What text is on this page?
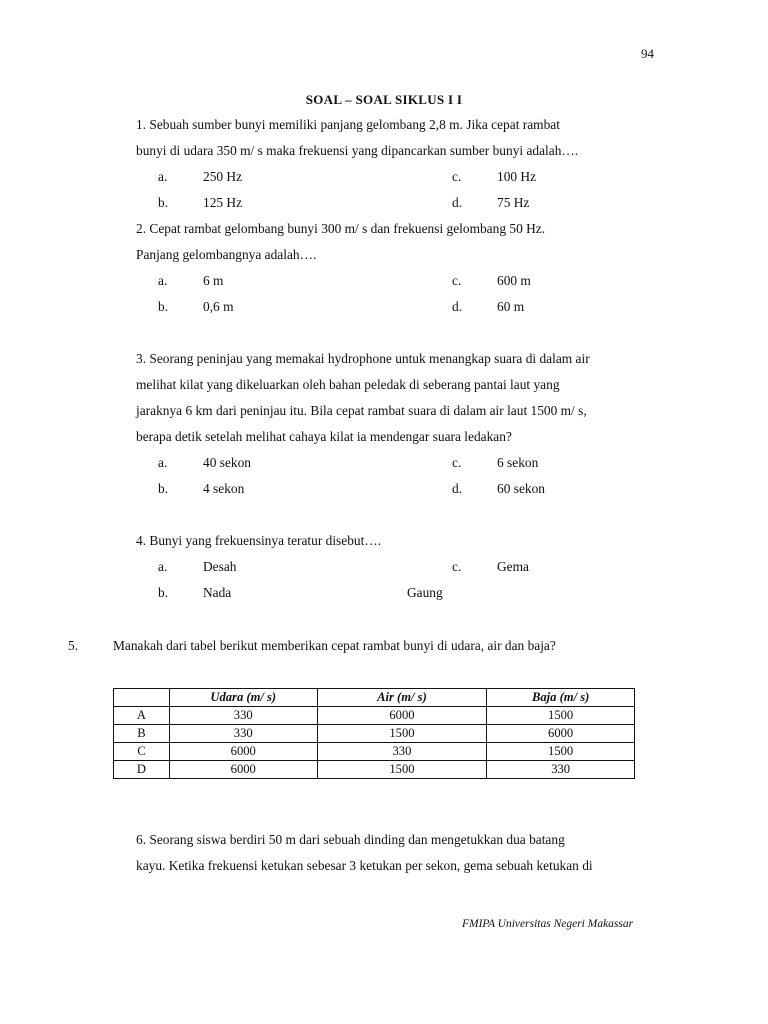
94
SOAL – SOAL SIKLUS I I
1. Sebuah sumber bunyi memiliki panjang gelombang 2,8 m. Jika cepat rambat
bunyi di udara 350 m/ s maka frekuensi yang dipancarkan sumber bunyi adalah….
a.	250 Hz	c.	100 Hz
b.	125 Hz	d.	75 Hz
2. Cepat rambat gelombang bunyi 300 m/ s dan frekuensi gelombang 50 Hz.
Panjang gelombangnya adalah….
a.	6 m	c.	600 m
b.	0,6 m	d.	60 m
3. Seorang peninjau yang memakai hydrophone untuk menangkap suara di dalam air
melihat kilat yang dikeluarkan oleh bahan peledak di seberang pantai laut yang
jaraknya 6 km dari peninjau itu. Bila cepat rambat suara di dalam air laut 1500 m/ s,
berapa detik setelah melihat cahaya kilat ia mendengar suara ledakan?
a.	40 sekon	c.	6 sekon
b.	4 sekon	d.	60 sekon
4. Bunyi yang frekuensinya teratur disebut….
a.	Desah	c.	Gema
b.	Nada	Gaung
5.	Manakah dari tabel berikut memberikan cepat rambat bunyi di udara, air dan baja?
	Udara (m/ s)	Air (m/ s)	Baja (m/ s)
A	330	6000	1500
B	330	1500	6000
C	6000	330	1500
D	6000	1500	330
6. Seorang siswa berdiri 50 m dari sebuah dinding dan mengetukkan dua batang
kayu. Ketika frekuensi ketukan sebesar 3 ketukan per sekon, gema sebuah ketukan di
FMIPA Universitas Negeri Makassar
